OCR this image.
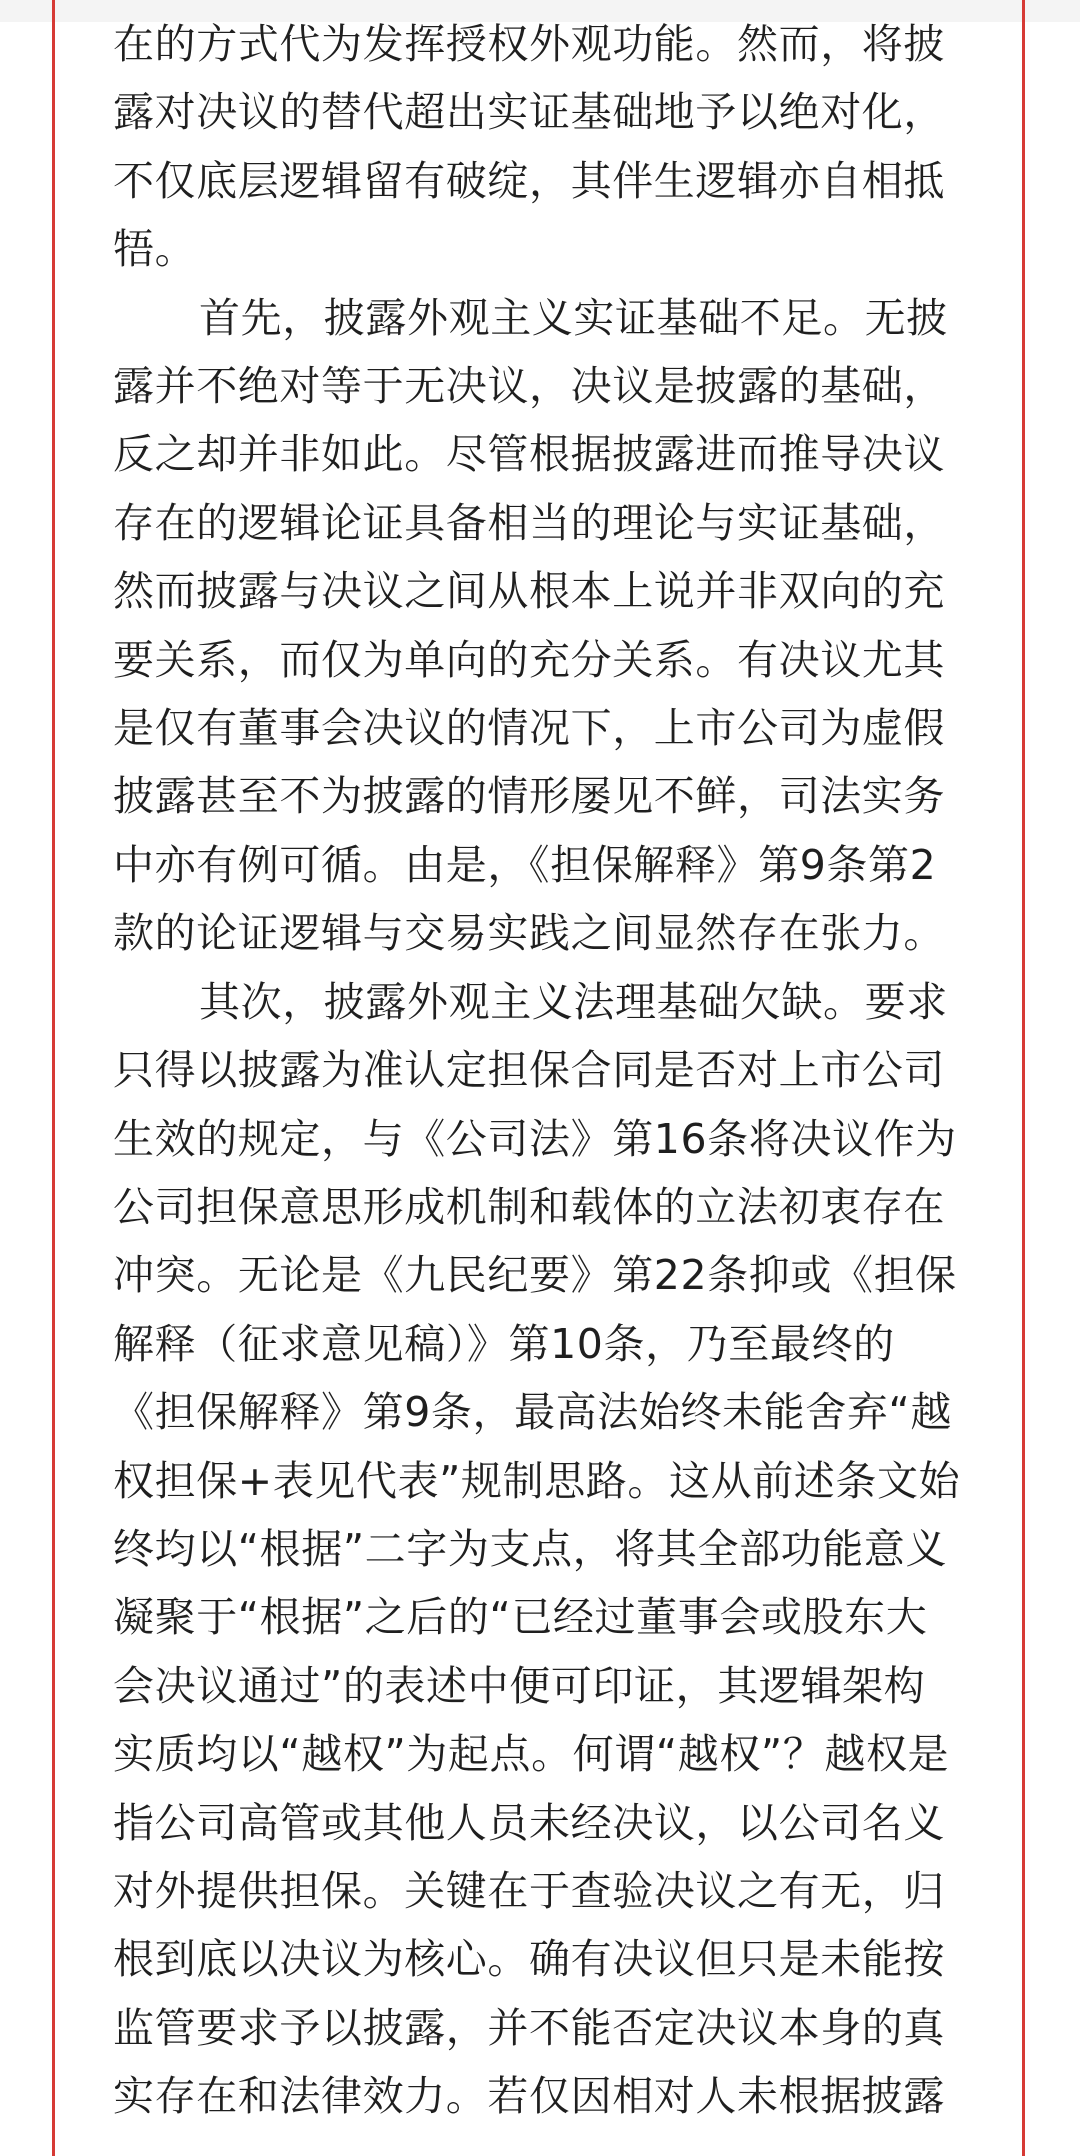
在的方式代为发挥授权外观功能。然而，将披露对决议的替代超出实证基础地予以绝对化，不仅底层逻辑留有破绽，其伴生逻辑亦自相抵牾。

首先，披露外观主义实证基础不足。无披露并不绝对等于无决议，决议是披露的基础，反之却并非如此。尽管根据披露进而推导决议存在的逻辑论证具备相当的理论与实证基础，然而披露与决议之间从根本上说并非双向的充要关系，而仅为单向的充分关系。有决议尤其是仅有董事会决议的情况下，上市公司为虚假披露甚至不为披露的情形屡见不鲜，司法实务中亦有例可循。由是，《担保解释》第9条第2款的论证逻辑与交易实践之间显然存在张力。

其次，披露外观主义法理基础欠缺。要求只得以披露为准认定担保合同是否对上市公司生效的规定，与《公司法》第16条将决议作为公司担保意思形成机制和载体的立法初衷存在冲突。无论是《九民纪要》第22条抑或《担保解释（征求意见稿）》第10条，乃至最终的《担保解释》第9条，最高法始终未能舍弃“越权担保+表见代表”规制思路。这从前述条文始终均以“根据”二字为支点，将其全部功能意义凝聚于“根据”之后的“已经过董事会或股东大会决议通过”的表述中便可印证，其逻辑架构实质均以“越权”为起点。何谓“越权”？越权是指公司高管或其他人员未经决议，以公司名义对外提供担保。关键在于查验决议之有无，归根到底以决议为核心。确有决议但只是未能按监管要求予以披露，并不能否定决议本身的真实存在和法律效力。若仅因相对人未根据披露
